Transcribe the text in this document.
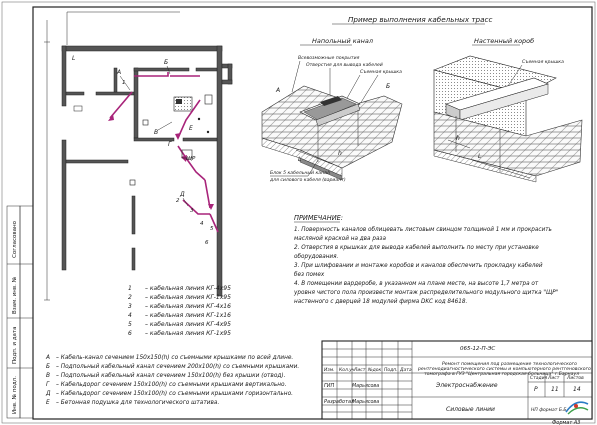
Согласовано
Взам. инв. №
Подп. и дата
Инв. № подл.
ЩР
L
1
2
3
4
5
6
А
Б
В
Г
Д
Е
Пример выполнения кабельных трасс
Напольный канал
Всевозможные покрытия
Отверстия для вывода кабелей
Съемная крышка
L
h
Блок 5 кабельный канал
для силового кабеля (вариант)
А
Б
Настенный короб
Съемная крышка
h
L
ПРИМЕЧАНИЕ:
1. Поверхность каналов облицевать листовым свинцом толщиной 1 мм и прокрасить
масляной краской на два раза
2. Отверстия в крышках для вывода кабелей выполнить по месту при установке
оборудования.
3. При шлифовании и монтаже коробов и каналов обеспечить прокладку кабелей
без помех
4. В помещении вардеробе, в указанном на плане месте, на высоте 1,7 метра от
уровня чистого пола произвести монтаж распределительного модульного щитка "ЩР"
настенного с дверцей 18 модулей фирма DKC код 84618.
1 – кабельная линия КГ-4х95
2 – кабельная линия КГ-1х95
3 – кабельная линия КГ-4х16
4 – кабельная линия КГ-1х16
5 – кабельная линия КГ-4х95
6 – кабельная линия КГ-1х95
А – Кабель-канал сечением 150х150(h) со съемными крышками по всей длине.
Б – Подпольный кабельный канал сечением 200х100(h) со съемными крышками.
В – Подпольный кабельный канал сечением 150х100(h) без крышки (отвод).
Г – Кабельдорог сечением 150х100(h) со съемными крышками вертикально.
Д – Кабельдорог сечением 150х100(h) со съемными крышками горизонтально.
Е – Бетонная подушка для технологического штатива.
065-12-П-ЭС
Ремонт помещения под размещение технологического
рентгенодиагностического системы и компьютерного рентгеновского
томографа в ГУЗ "Центральная городская больница" г.Барнаул
Изм. Кол.уч Лист №док Подп. Дата
ГИП	Марьясова
Разработал
Марьясова
Электроснабжение
Силовые линии
Стадия Лист Листов
Р 11 14
НП формат Б.Б
Формат А3
